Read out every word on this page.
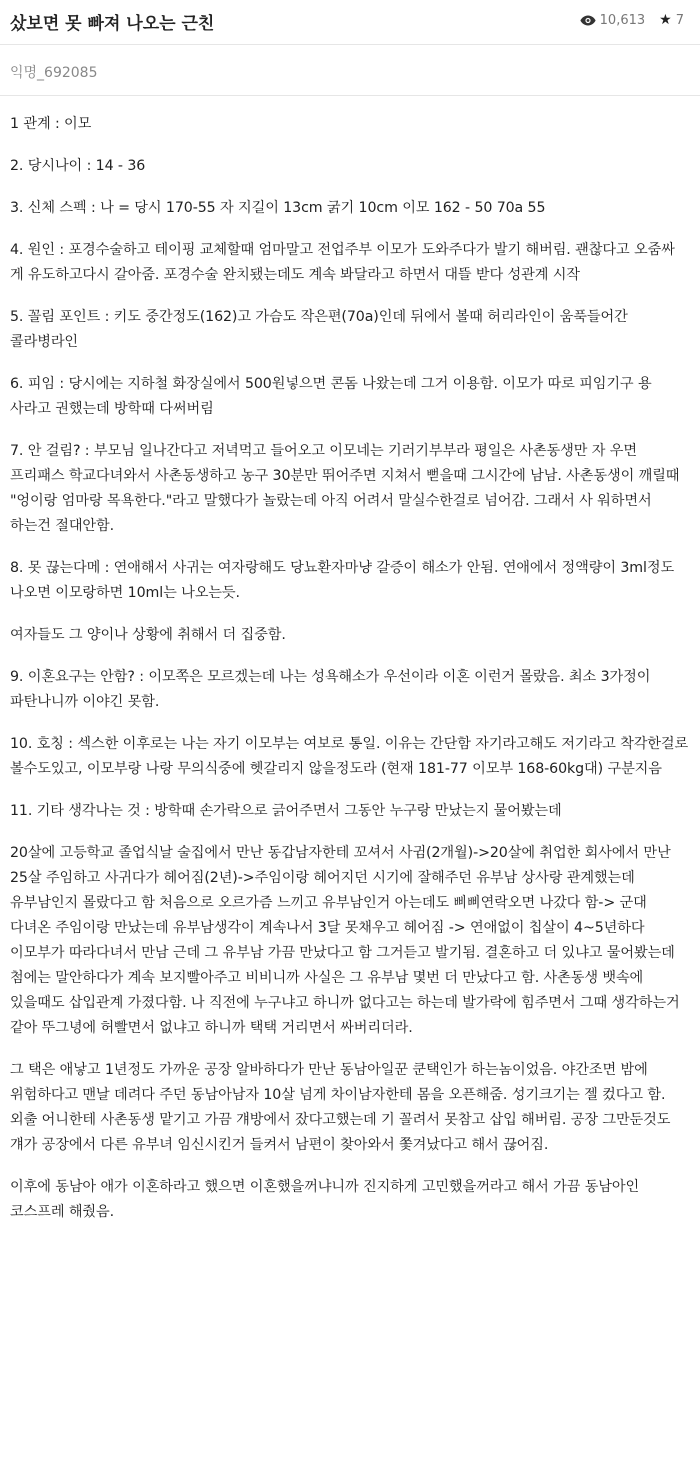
샀보면 못 빠져 나오는 근친	10,613 ★ 7
익명_692085

1 관계 : 이모

2. 당시나이 : 14 - 36

3. 신체 스펙 : 나 = 당시 170-55 자 지길이 13cm 굵기 10cm 이모 162 - 50 70a 55

4. 원인 : 포경수술하고 테이핑 교체할때 엄마말고 전업주부 이모가 도와주다가 발기 해버림. 괜찮다고 오줌싸 게 유도하고다시 갈아줌. 포경수술 완치됐는데도 계속 봐달라고 하면서 대뜰 받다 성관계 시작

5. 꼴림 포인트 : 키도 중간정도(162)고 가슴도 작은편(70a)인데 뒤에서 볼때 허리라인이 움푹들어간 콜라병라인

6. 피임 : 당시에는 지하철 화장실에서 500원넣으면 콘돔 나왔는데 그거 이용함. 이모가 따로 피임기구 용 사라고 권했는데 방학때 다써버림

7. 안 걸림? : 부모님 일나간다고 저녁먹고 들어오고 이모네는 기러기부부라 평일은 사촌동생만 자 우면 프리패스 학교다녀와서 사촌동생하고 농구 30분만 뛰어주면 지쳐서 뻗을때 그시간에 남남. 사촌동생이 깨릴때 "엉이랑 엄마랑 목욕한다."라고 말했다가 놀랐는데 아직 어려서 말실수한걸로 넘어감. 그래서 사 워하면서 하는건 절대안함.

8. 못 끊는다메 : 연애해서 사귀는 여자랑해도 당뇨환자마냥 갈증이 해소가 안됨. 연애에서 정액량이 3ml정도 나오면 이모랑하면 10ml는 나오는듯.

여자들도 그 양이나 상황에 취해서 더 집중함.

9. 이혼요구는 안함? : 이모쪽은 모르겠는데 나는 성욕해소가 우선이라 이혼 이런거 몰랐음. 최소 3가정이 파탄나니까 이야긴 못함.

10. 호칭 : 섹스한 이후로는 나는 자기 이모부는 여보로 통일. 이유는 간단함 자기라고해도 저기라고 착각한걸로 볼수도있고, 이모부랑 나랑 무의식중에 헷갈리지 않을정도라 (현재 181-77 이모부 168-60kg대) 구분지음

11. 기타 생각나는 것 : 방학때 손가락으로 긁어주면서 그동안 누구랑 만났는지 물어봤는데

20살에 고등학교 졸업식날 술집에서 만난 동갑남자한테 꼬셔서 사귐(2개월)->20살에 취업한 회사에서 만난 25살 주임하고 사귀다가 헤어짐(2년)->주임이랑 헤어지던 시기에 잘해주던 유부남 상사랑 관계했는데 유부남인지 몰랐다고 함 처음으로 오르가즘 느끼고 유부남인거 아는데도 삐삐연락오면 나갔다 함-> 군대 다녀온 주임이랑 만났는데 유부남생각이 계속나서 3달 못채우고 헤어짐 -> 연애없이 칩살이 4~5년하다 이모부가 따라다녀서 만남 근데 그 유부남 가끔 만났다고 함 그거듣고 발기됨. 결혼하고 더 있냐고 물어봤는데 첨에는 말안하다가 계속 보지빨아주고 비비니까 사실은 그 유부남 몇번 더 만났다고 함. 사촌동생 뱃속에 있을때도 삽입관계 가졌다함. 나 직전에 누구냐고 하니까 없다고는 하는데 발가락에 힘주면서 그때 생각하는거 같아 뚜그녕에 허빨면서 없냐고 하니까 택택 거리면서 싸버리더라.

그 택은 애낳고 1년정도 가까운 공장 알바하다가 만난 동남아일꾼 쿤택인가 하는놈이었음. 야간조면 밤에 위험하다고 맨날 데려다 주던 동남아남자 10살 넘게 차이남자한테 몸을 오픈해줌. 성기크기는 젤 컸다고 함. 외출 어니한테 사촌동생 맡기고 가끔 걔방에서 잤다고했는데 기 꼴려서 못참고 삽입 해버림. 공장 그만둔것도 걔가 공장에서 다른 유부녀 임신시킨거 들켜서 남편이 찾아와서 쫓겨났다고 해서 끊어짐.

이후에 동남아 애가 이혼하라고 했으면 이혼했을꺼냐니까 진지하게 고민했을꺼라고 해서 가끔 동남아인 코스프레 해줬음.
